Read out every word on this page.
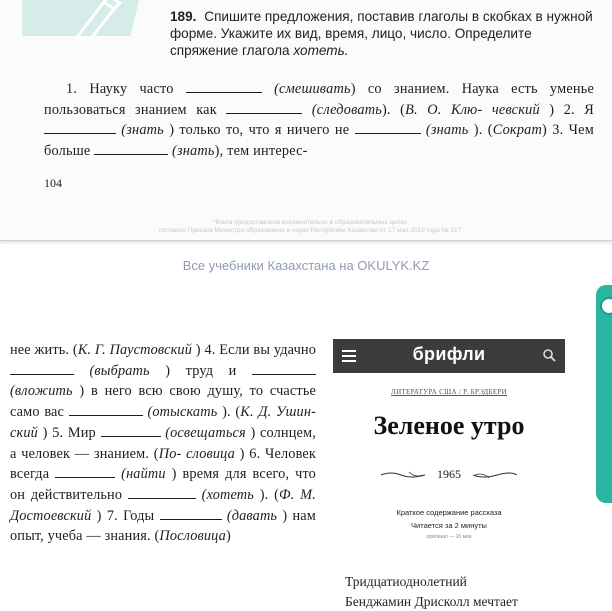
189. Спишите предложения, поставив глаголы в скобках в нужной форме. Укажите их вид, время, лицо, число. Определите спряжение глагола хотеть.
1. Науку часто	(смешивать) со знанием. Наука есть уменье пользоваться знанием как	(следовать). (В. О. Клю- чевский ) 2. Я  (знать ) только то, что я ничего не	(знать ). (Сократ) 3. Чем больше	(знать), тем интерес-
104
*Книга предоставлена исключительно в образовательных целях
согласно Приказа Министра образования и науки Республики Казахстан от 17 мая 2019 года № 217
Все учебники Казахстана на OKULYK.KZ
нее жить. (К. Г. Паустовский ) 4. Если вы удачно  (выбрать ) труд и  (вложить ) в него всю свою душу, то счастье само вас	(отыскать ). (К. Д. Ушин- ский ) 5. Мир	(освещаться ) солнцем, а человек — знанием. (По- словица ) 6. Человек всегда	(найти ) время для всего, что он действительно	(хотеть ). (Ф. М. Достоевский ) 7. Годы	(давать ) нам опыт, учеба — знания. (Пословица)
брифли
ЛИТЕРАТУРА США / Р. БРЭДБЕРИ
Зеленое утро
1965
Краткое содержание рассказа
Читается за 2 минуты
оригинал — 10 мин
Тридцатиоднолетний
Бенджамин Дрисколл мечтает
